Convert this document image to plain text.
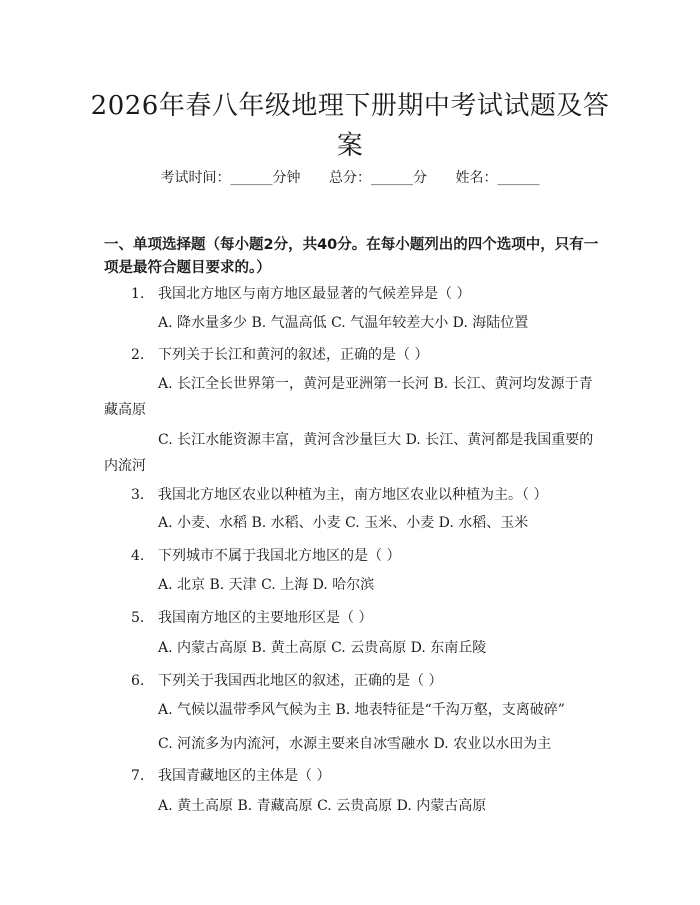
2026年春八年级地理下册期中考试试题及答案
考试时间：______分钟 总分：______分 姓名：______
一、单项选择题（每小题2分，共40分。在每小题列出的四个选项中，只有一项是最符合题目要求的。）
1. 我国北方地区与南方地区最显著的气候差异是（ ）
A. 降水量多少 B. 气温高低 C. 气温年较差大小 D. 海陆位置
2. 下列关于长江和黄河的叙述，正确的是（ ）
A. 长江全长世界第一，黄河是亚洲第一长河 B. 长江、黄河均发源于青藏高原
C. 长江水能资源丰富，黄河含沙量巨大 D. 长江、黄河都是我国重要的内流河
3. 我国北方地区农业以种植为主，南方地区农业以种植为主。（ ）
A. 小麦、水稻 B. 水稻、小麦 C. 玉米、小麦 D. 水稻、玉米
4. 下列城市不属于我国北方地区的是（ ）
A. 北京 B. 天津 C. 上海 D. 哈尔滨
5. 我国南方地区的主要地形区是（ ）
A. 内蒙古高原 B. 黄土高原 C. 云贵高原 D. 东南丘陵
6. 下列关于我国西北地区的叙述，正确的是（ ）
A. 气候以温带季风气候为主 B. 地表特征是“千沟万壑，支离破碎”
C. 河流多为内流河，水源主要来自冰雪融水 D. 农业以水田为主
7. 我国青藏地区的主体是（ ）
A. 黄土高原 B. 青藏高原 C. 云贵高原 D. 内蒙古高原
